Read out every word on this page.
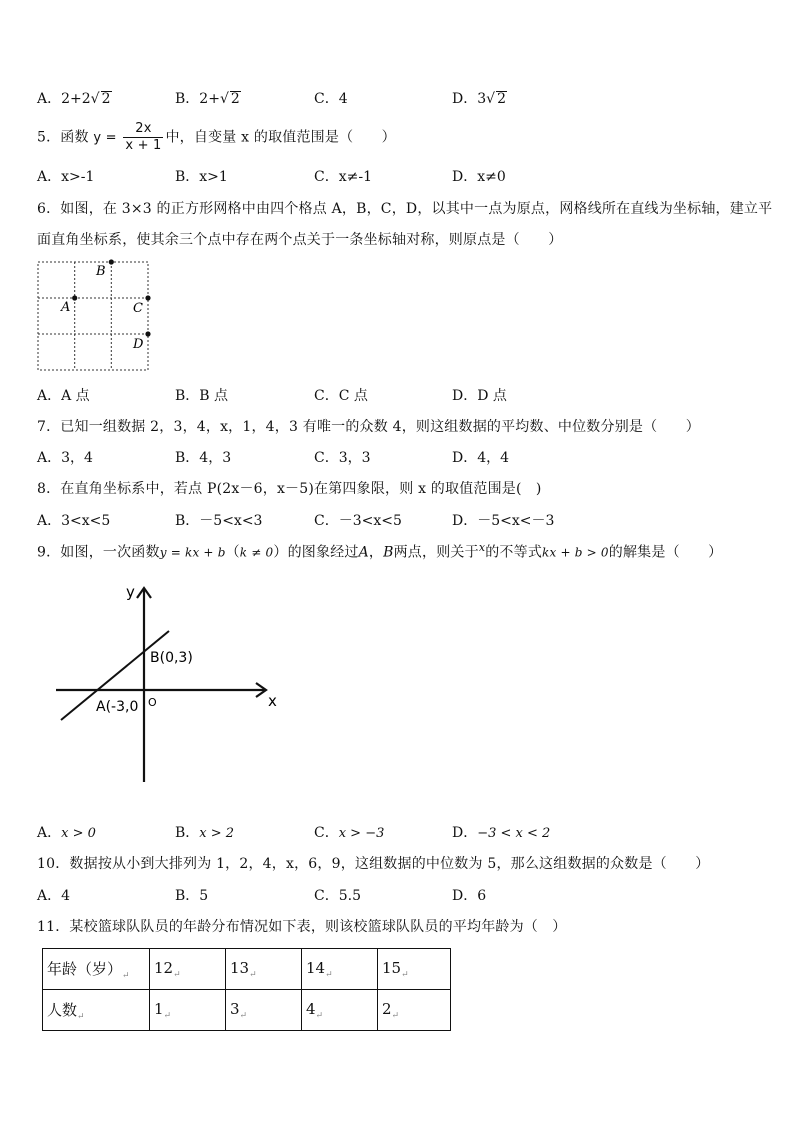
A．2+2√ 2	B．2+√ 2	C．4	D．3√ 2
5．函数 $y = \frac{2x}{x + 1}$ 中，自变量 x 的取值范围是（　　）
A．x>-1	B．x>1	C．x≠-1	D．x≠0
6．如图，在 3×3 的正方形网格中由四个格点 A，B，C，D，以其中一点为原点，网格线所在直线为坐标轴，建立平
面直角坐标系，使其余三个点中存在两个点关于一条坐标轴对称，则原点是（　　）
B
A	C
D
A．A 点	B．B 点	C．C 点	D．D 点
7．已知一组数据 2，3，4，x，1，4，3 有唯一的众数 4，则这组数据的平均数、中位数分别是（　　）
A．3，4	B．4，3	C．3，3	D．4，4
8．在直角坐标系中，若点 P(2x－6，x－5)在第四象限，则 x 的取值范围是(　)
A．3<x<5	B．－5<x<3	C．－3<x<5	D．－5<x<－3
9．如图，一次函数y = kx + b（k ≠ 0）的图象经过A，B两点，则关于$^x$的不等式kx + b > 0的解集是（　　）
y
x
O
B(0,3)
A(-3,0
A．x > 0	B．x > 2	C．x > −3	D．−3 < x < 2
10．数据按从小到大排列为 1，2，4，x，6，9，这组数据的中位数为 5，那么这组数据的众数是（　　）
A．4	B．5	C．5.5	D．6
11．某校篮球队队员的年龄分布情况如下表，则该校篮球队队员的平均年龄为（　）
年龄（岁）$_↵$	$12_↵$	$13_↵$	$14_↵$	$15_↵$
人数$_↵$	$1_↵$	$3_↵$	$4_↵$	$2_↵$
